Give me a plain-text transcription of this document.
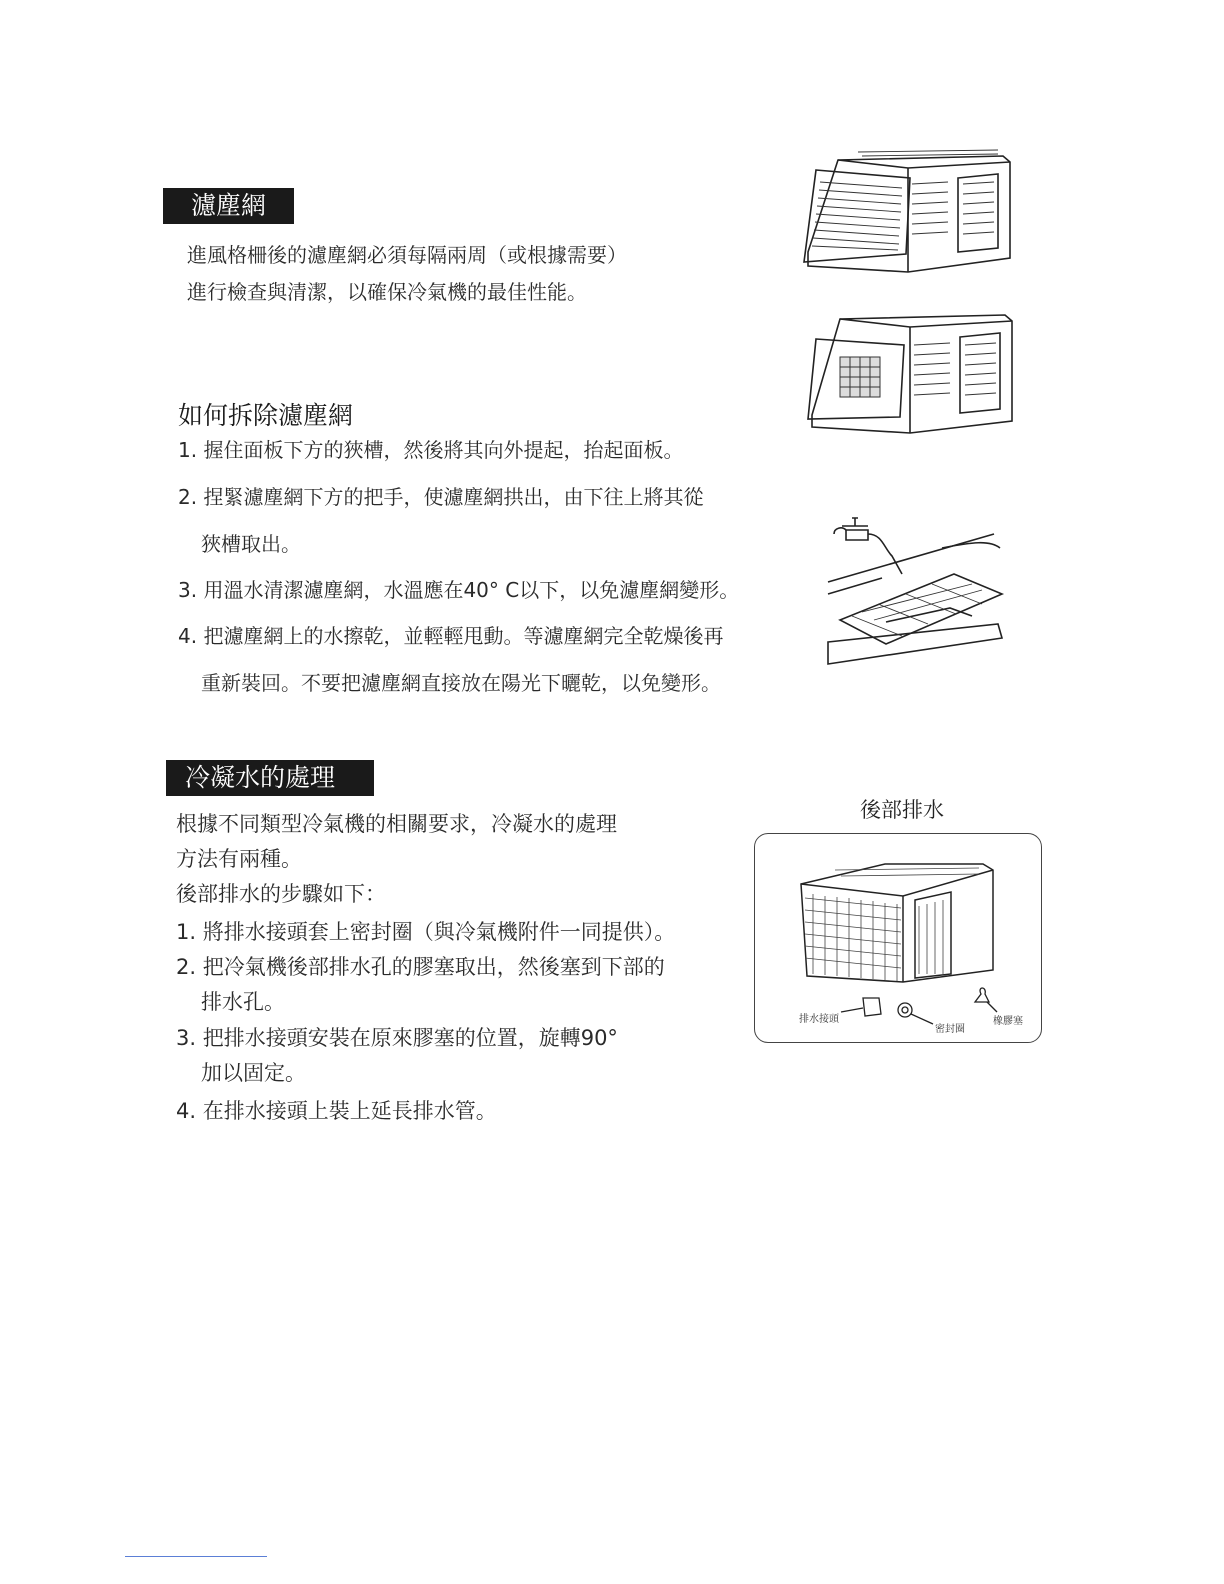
濾塵網
進風格柵後的濾塵網必須每隔兩周（或根據需要）
進行檢查與清潔，以確保冷氣機的最佳性能。
如何拆除濾塵網
1. 握住面板下方的狹槽，然後將其向外提起，抬起面板。
2. 捏緊濾塵網下方的把手，使濾塵網拱出，由下往上將其從
狹槽取出。
3. 用溫水清潔濾塵網，水溫應在40° C以下，以免濾塵網變形。
4. 把濾塵網上的水擦乾，並輕輕甩動。等濾塵網完全乾燥後再
重新裝回。不要把濾塵網直接放在陽光下曬乾，以免變形。
冷凝水的處理
根據不同類型冷氣機的相關要求，冷凝水的處理
方法有兩種。
後部排水的步驟如下：
1. 將排水接頭套上密封圈（與冷氣機附件一同提供）。
2. 把冷氣機後部排水孔的膠塞取出，然後塞到下部的
排水孔。
3. 把排水接頭安裝在原來膠塞的位置，旋轉90°
加以固定。
4. 在排水接頭上裝上延長排水管。
後部排水
排水接頭
密封圈
橡膠塞
